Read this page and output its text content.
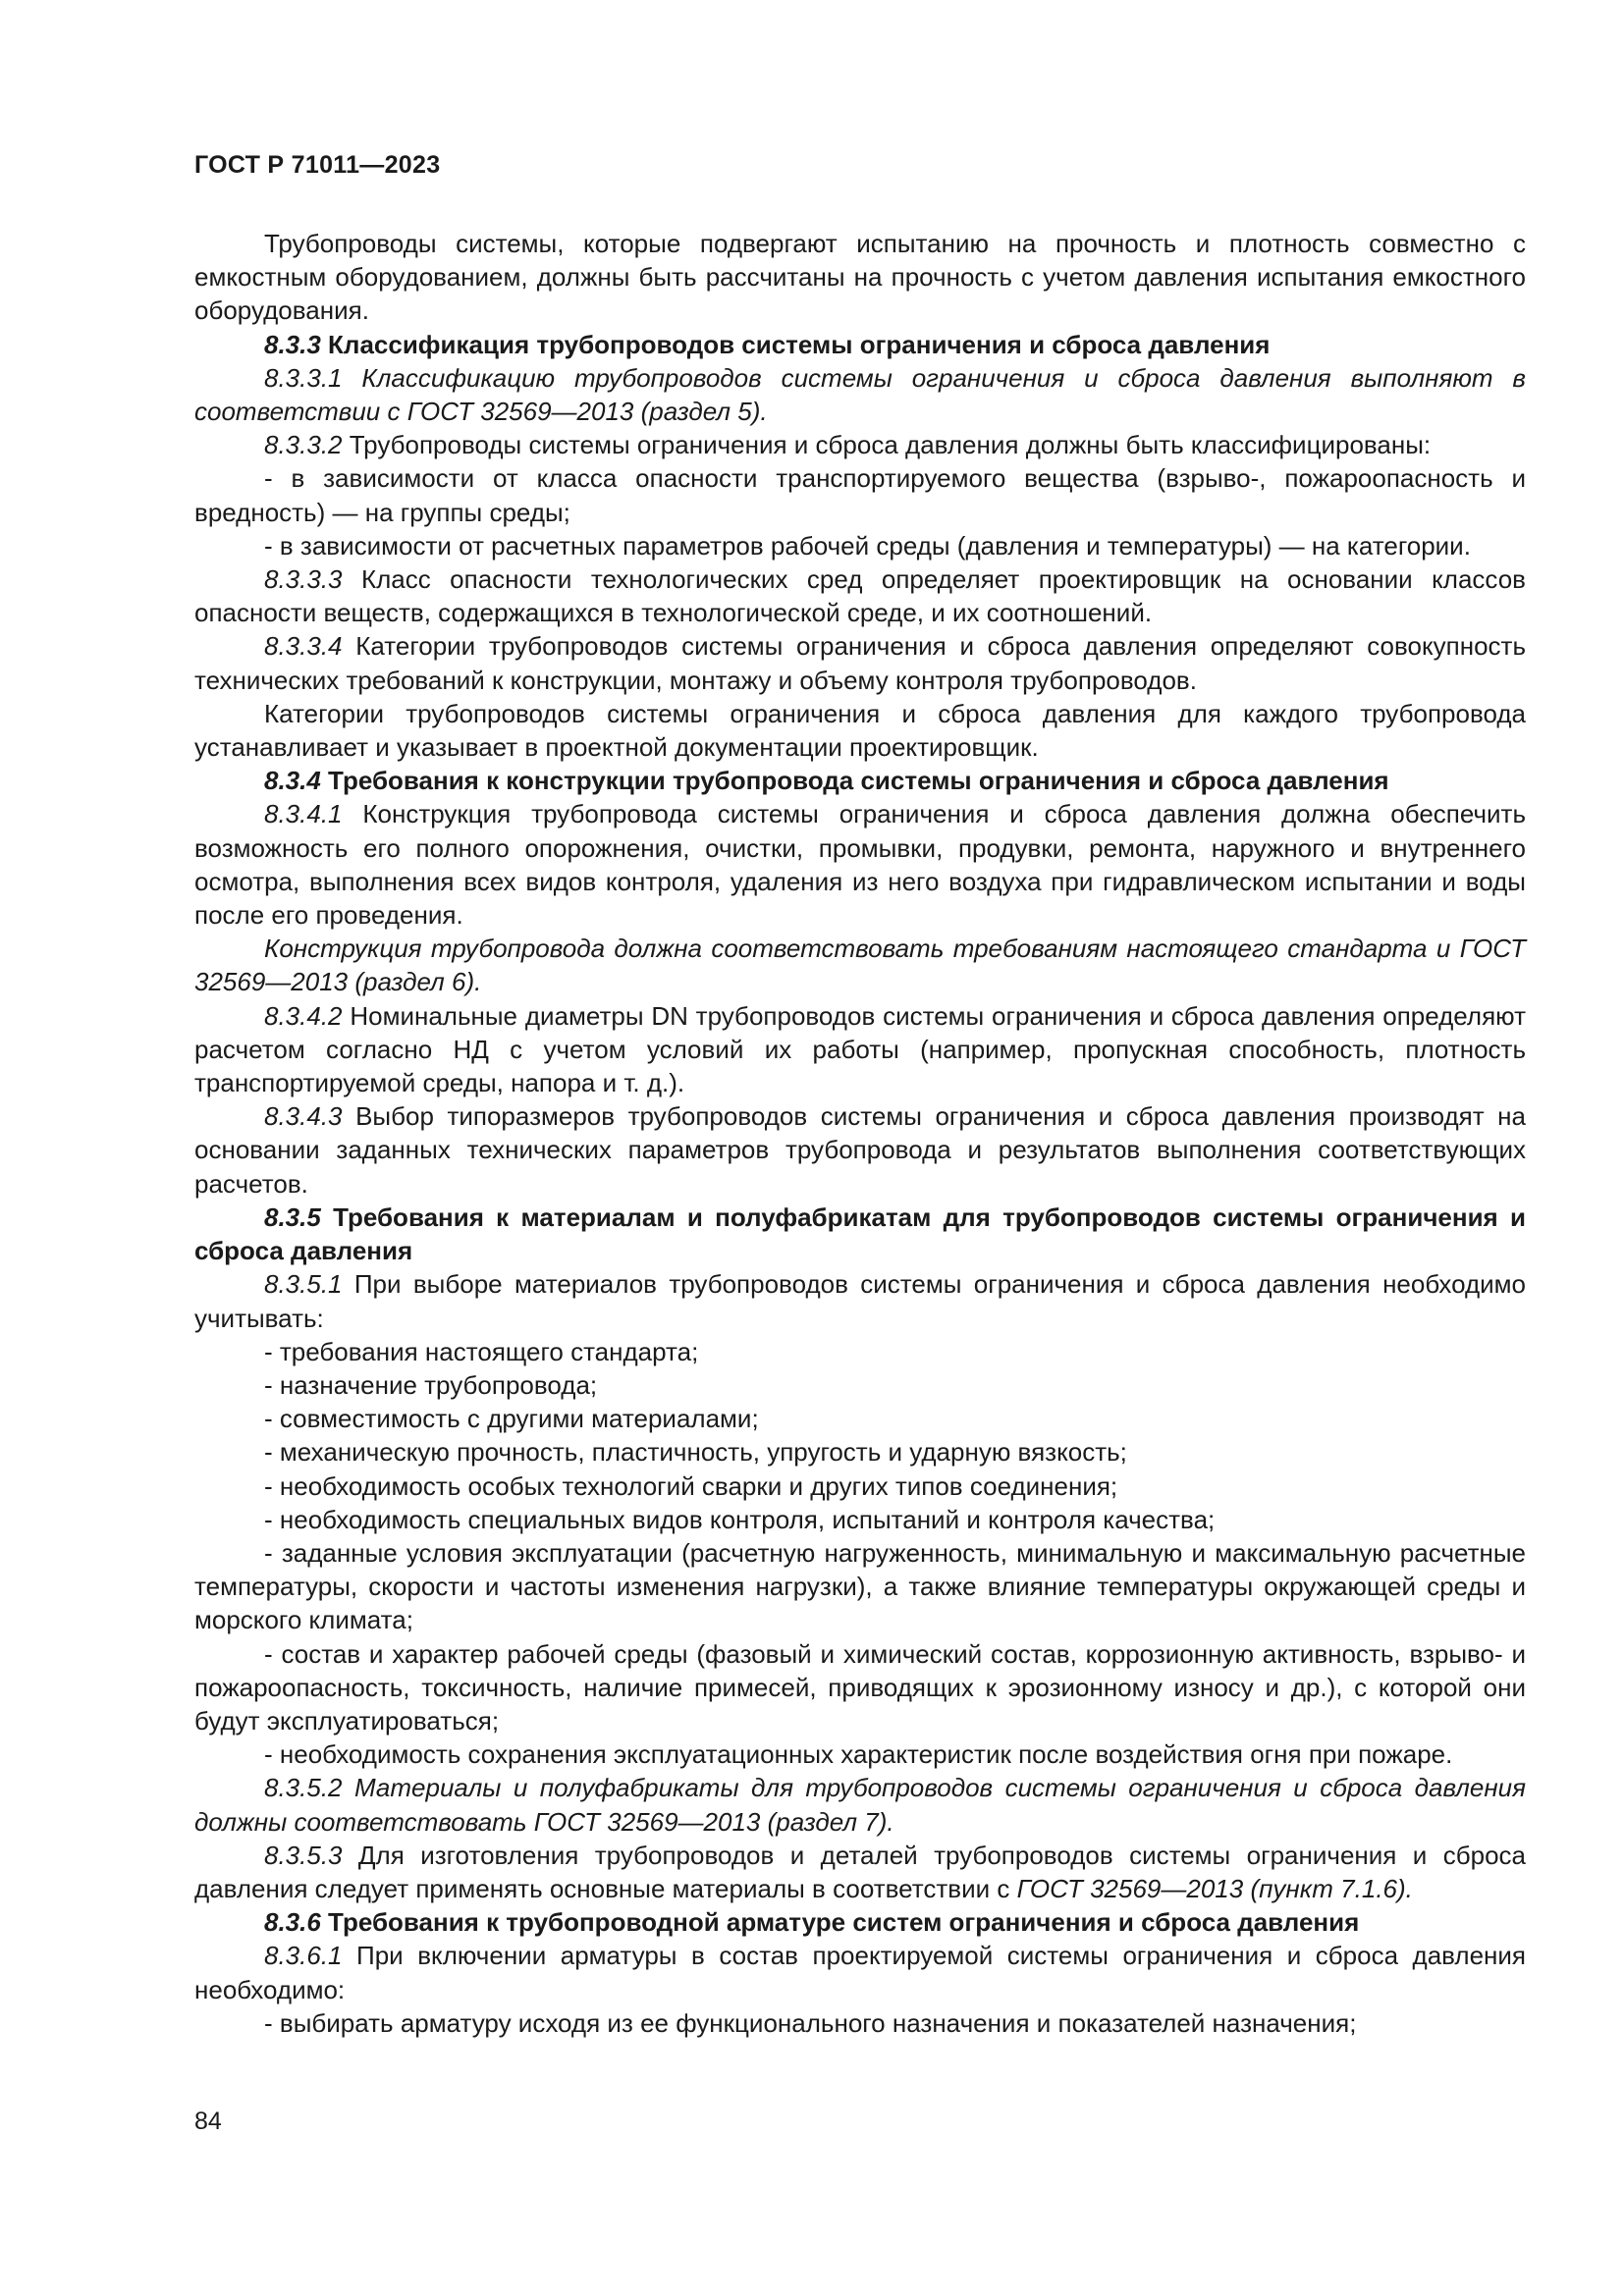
ГОСТ Р 71011—2023

Трубопроводы системы, которые подвергают испытанию на прочность и плотность совместно с емкостным оборудованием, должны быть рассчитаны на прочность с учетом давления испытания емкостного оборудования.

8.3.3 Классификация трубопроводов системы ограничения и сброса давления

8.3.3.1 Классификацию трубопроводов системы ограничения и сброса давления выполняют в соответствии с ГОСТ 32569—2013 (раздел 5).

8.3.3.2 Трубопроводы системы ограничения и сброса давления должны быть классифицированы:

- в зависимости от класса опасности транспортируемого вещества (взрыво-, пожароопасность и вредность) — на группы среды;

- в зависимости от расчетных параметров рабочей среды (давления и температуры) — на категории.

8.3.3.3 Класс опасности технологических сред определяет проектировщик на основании классов опасности веществ, содержащихся в технологической среде, и их соотношений.

8.3.3.4 Категории трубопроводов системы ограничения и сброса давления определяют совокупность технических требований к конструкции, монтажу и объему контроля трубопроводов.

Категории трубопроводов системы ограничения и сброса давления для каждого трубопровода устанавливает и указывает в проектной документации проектировщик.

8.3.4 Требования к конструкции трубопровода системы ограничения и сброса давления

8.3.4.1 Конструкция трубопровода системы ограничения и сброса давления должна обеспечить возможность его полного опорожнения, очистки, промывки, продувки, ремонта, наружного и внутреннего осмотра, выполнения всех видов контроля, удаления из него воздуха при гидравлическом испытании и воды после его проведения.

Конструкция трубопровода должна соответствовать требованиям настоящего стандарта и ГОСТ 32569—2013 (раздел 6).

8.3.4.2 Номинальные диаметры DN трубопроводов системы ограничения и сброса давления определяют расчетом согласно НД с учетом условий их работы (например, пропускная способность, плотность транспортируемой среды, напора и т. д.).

8.3.4.3 Выбор типоразмеров трубопроводов системы ограничения и сброса давления производят на основании заданных технических параметров трубопровода и результатов выполнения соответствующих расчетов.

8.3.5 Требования к материалам и полуфабрикатам для трубопроводов системы ограничения и сброса давления

8.3.5.1 При выборе материалов трубопроводов системы ограничения и сброса давления необходимо учитывать:

- требования настоящего стандарта;

- назначение трубопровода;

- совместимость с другими материалами;

- механическую прочность, пластичность, упругость и ударную вязкость;

- необходимость особых технологий сварки и других типов соединения;

- необходимость специальных видов контроля, испытаний и контроля качества;

- заданные условия эксплуатации (расчетную нагруженность, минимальную и максимальную расчетные температуры, скорости и частоты изменения нагрузки), а также влияние температуры окружающей среды и морского климата;

- состав и характер рабочей среды (фазовый и химический состав, коррозионную активность, взрыво- и пожароопасность, токсичность, наличие примесей, приводящих к эрозионному износу и др.), с которой они будут эксплуатироваться;

- необходимость сохранения эксплуатационных характеристик после воздействия огня при пожаре.

8.3.5.2 Материалы и полуфабрикаты для трубопроводов системы ограничения и сброса давления должны соответствовать ГОСТ 32569—2013 (раздел 7).

8.3.5.3 Для изготовления трубопроводов и деталей трубопроводов системы ограничения и сброса давления следует применять основные материалы в соответствии с ГОСТ 32569—2013 (пункт 7.1.6).

8.3.6 Требования к трубопроводной арматуре систем ограничения и сброса давления

8.3.6.1 При включении арматуры в состав проектируемой системы ограничения и сброса давления необходимо:

- выбирать арматуру исходя из ее функционального назначения и показателей назначения;

84
